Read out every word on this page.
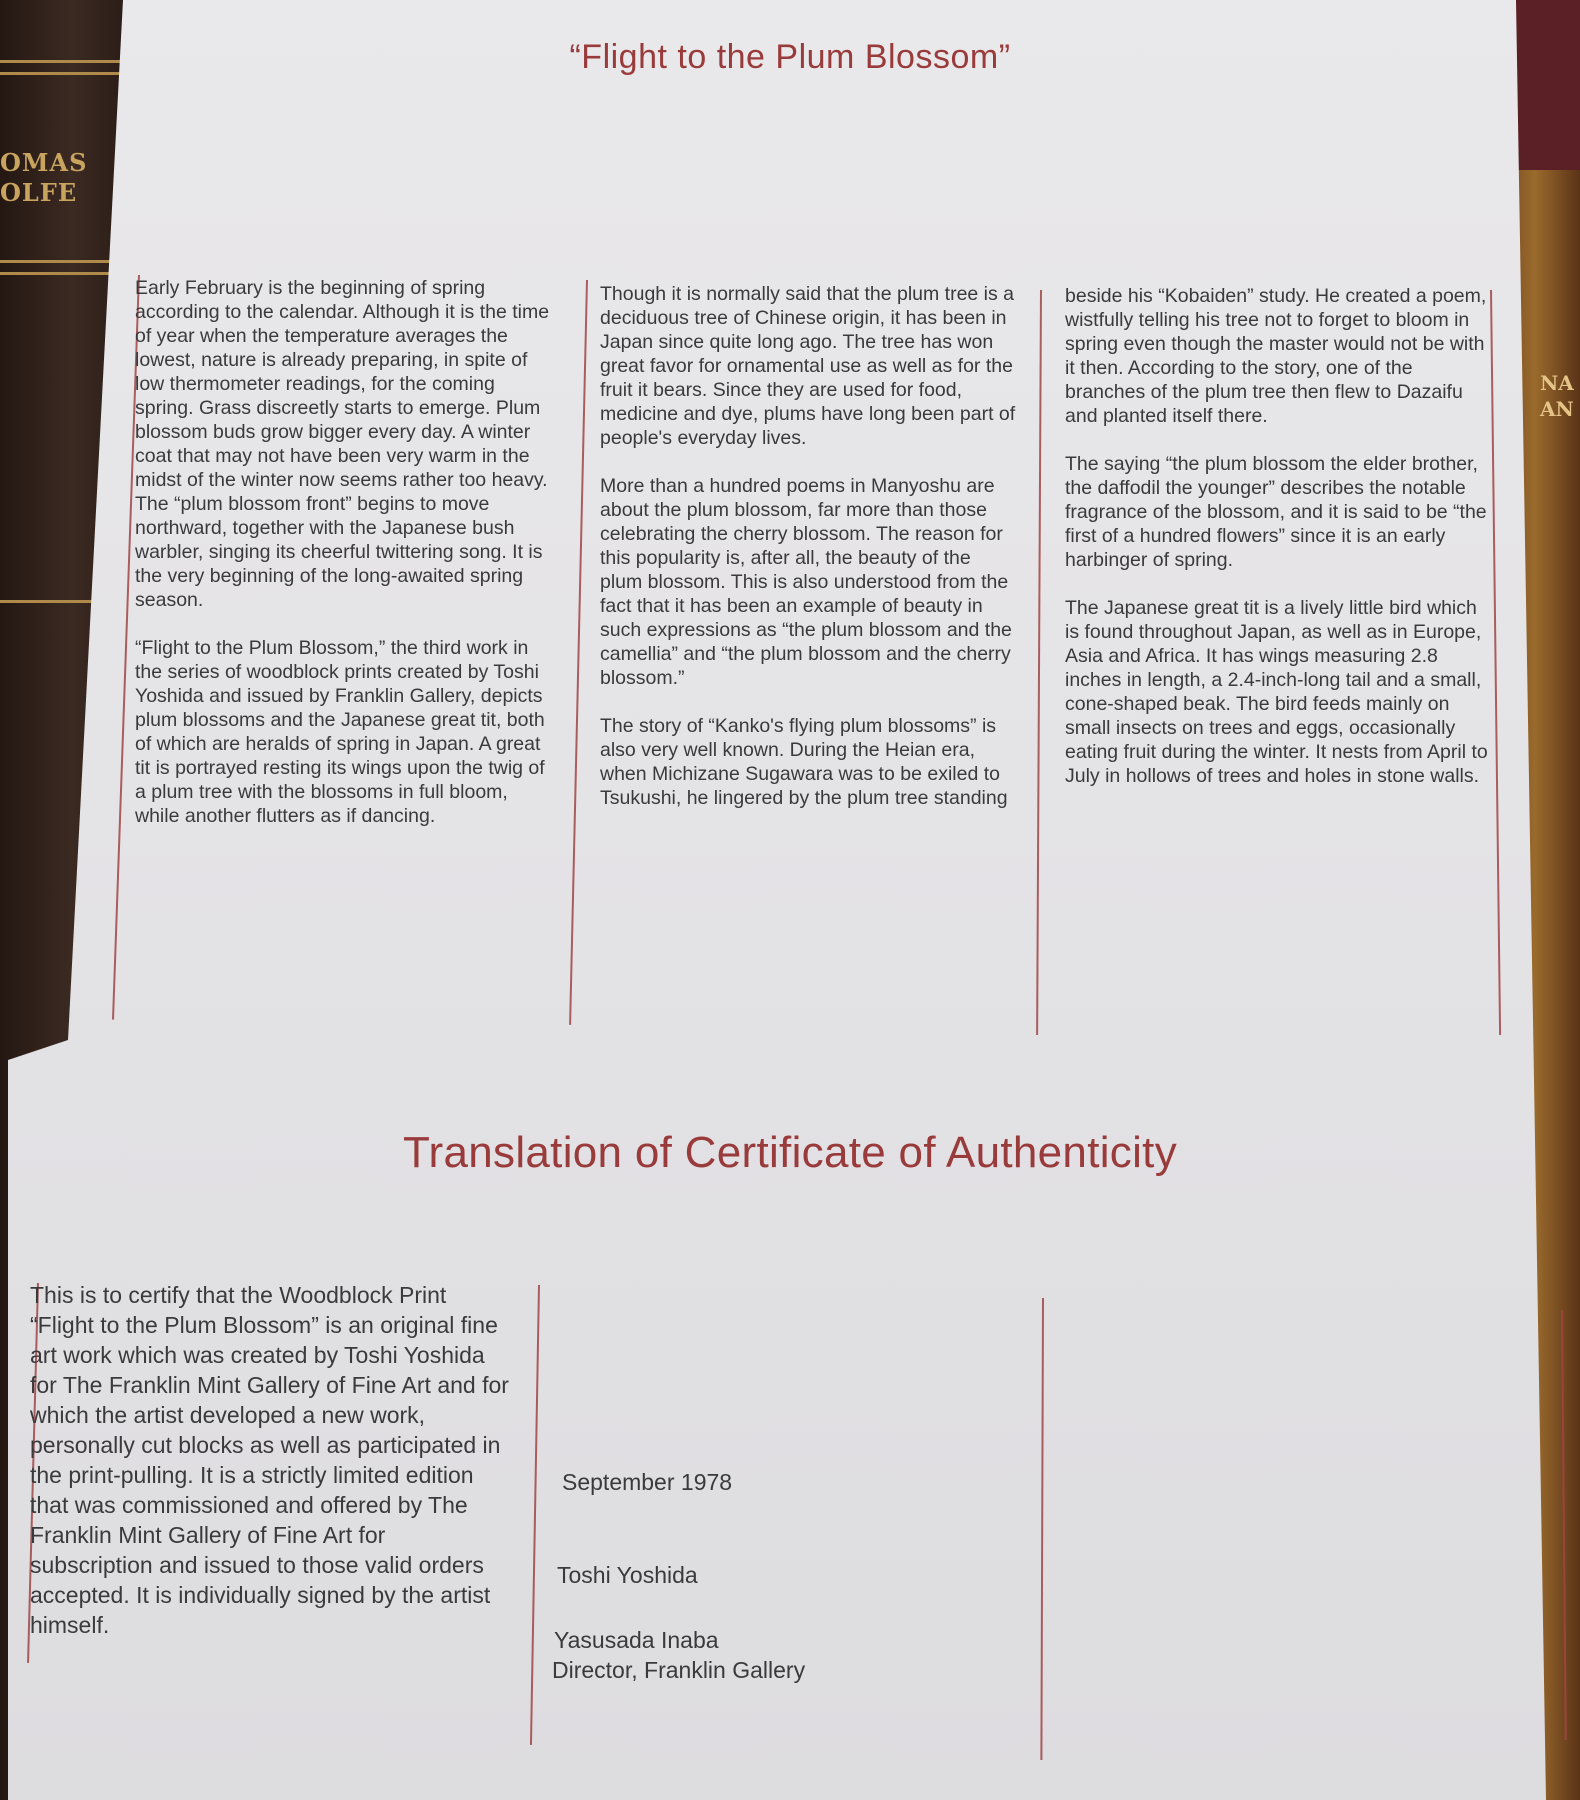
OMAS
OLFE
NA
AN
“Flight to the Plum Blossom”

Early February is the beginning of spring according to the calendar. Although it is the time of year when the temperature averages the lowest, nature is already preparing, in spite of low thermometer readings, for the coming spring. Grass discreetly starts to emerge. Plum blossom buds grow bigger every day. A winter coat that may not have been very warm in the midst of the winter now seems rather too heavy. The “plum blossom front” begins to move northward, together with the Japanese bush warbler, singing its cheerful twittering song. It is the very beginning of the long-awaited spring season.

“Flight to the Plum Blossom,” the third work in the series of woodblock prints created by Toshi Yoshida and issued by Franklin Gallery, depicts plum blossoms and the Japanese great tit, both of which are heralds of spring in Japan. A great tit is portrayed resting its wings upon the twig of a plum tree with the blossoms in full bloom, while another flutters as if dancing.

Though it is normally said that the plum tree is a deciduous tree of Chinese origin, it has been in Japan since quite long ago. The tree has won great favor for ornamental use as well as for the fruit it bears. Since they are used for food, medicine and dye, plums have long been part of people's everyday lives.

More than a hundred poems in Manyoshu are about the plum blossom, far more than those celebrating the cherry blossom. The reason for this popularity is, after all, the beauty of the plum blossom. This is also understood from the fact that it has been an example of beauty in such expressions as “the plum blossom and the camellia” and “the plum blossom and the cherry blossom.”

The story of “Kanko's flying plum blossoms” is also very well known. During the Heian era, when Michizane Sugawara was to be exiled to Tsukushi, he lingered by the plum tree standing

beside his “Kobaiden” study. He created a poem, wistfully telling his tree not to forget to bloom in spring even though the master would not be with it then. According to the story, one of the branches of the plum tree then flew to Dazaifu and planted itself there.

The saying “the plum blossom the elder brother, the daffodil the younger” describes the notable fragrance of the blossom, and it is said to be “the first of a hundred flowers” since it is an early harbinger of spring.

The Japanese great tit is a lively little bird which is found throughout Japan, as well as in Europe, Asia and Africa. It has wings measuring 2.8 inches in length, a 2.4-inch-long tail and a small, cone-shaped beak. The bird feeds mainly on small insects on trees and eggs, occasionally eating fruit during the winter. It nests from April to July in hollows of trees and holes in stone walls.

Translation of Certificate of Authenticity

This is to certify that the Woodblock Print “Flight to the Plum Blossom” is an original fine art work which was created by Toshi Yoshida for The Franklin Mint Gallery of Fine Art and for which the artist developed a new work, personally cut blocks as well as participated in the print-pulling. It is a strictly limited edition that was commissioned and offered by The Franklin Mint Gallery of Fine Art for subscription and issued to those valid orders accepted. It is individually signed by the artist himself.

September 1978
Toshi Yoshida
Yasusada Inaba
Director, Franklin Gallery
